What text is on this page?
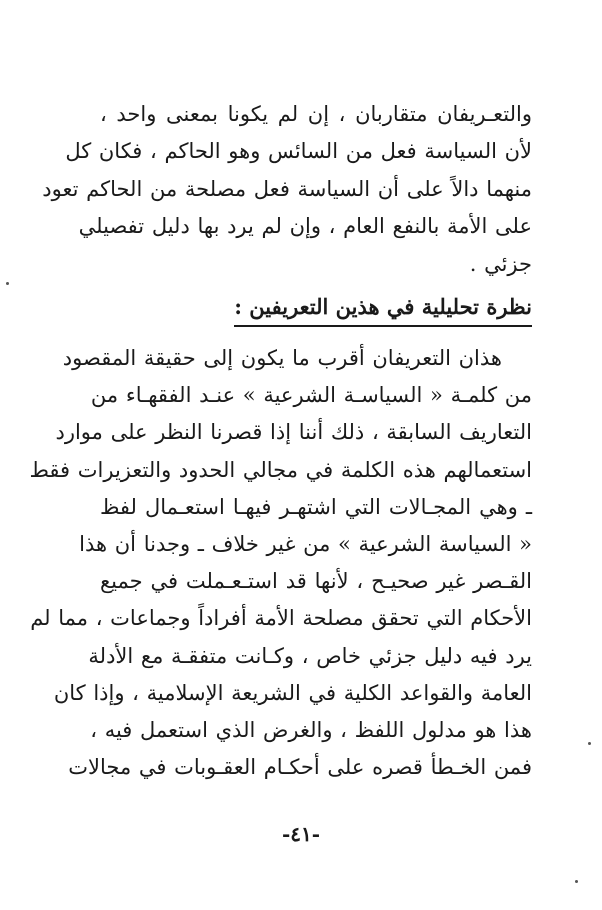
والتعـريفان متقاربان ، إن لم يكونا بمعنى واحد ،
لأن السياسة فعل من السائس وهو الحاكم ، فكان كل
منهما دالاً على أن السياسة فعل مصلحة من الحاكم تعود
على الأمة بالنفع العام ، وإن لم يرد بها دليل تفصيلي
جزئي .
نظرة تحليلية في هذين التعريفين :
هذان التعريفان أقرب ما يكون إلى حقيقة المقصود
من كلمـة « السياسـة الشرعية » عنـد الفقهـاء من
التعاريف السابقة ، ذلك أننا إذا قصرنا النظر على موارد
استعمالهم هذه الكلمة في مجالي الحدود والتعزيرات فقط
ـ وهي المجـالات التي اشتهـر فيهـا استعـمال لفظ
« السياسة الشرعية » من غير خلاف ـ وجدنا أن هذا
القـصر غير صحيـح ، لأنها قد استـعـملت في جميع
الأحكام التي تحقق مصلحة الأمة أفراداً وجماعات ، مما لم
يرد فيه دليل جزئي خاص ، وكـانت متفقـة مع الأدلة
العامة والقواعد الكلية في الشريعة الإسلامية ، وإذا كان
هذا هو مدلول اللفظ ، والغرض الذي استعمل فيه ،
فمن الخـطأ قصره على أحكـام العقـوبات في مجالات
-٤١-
